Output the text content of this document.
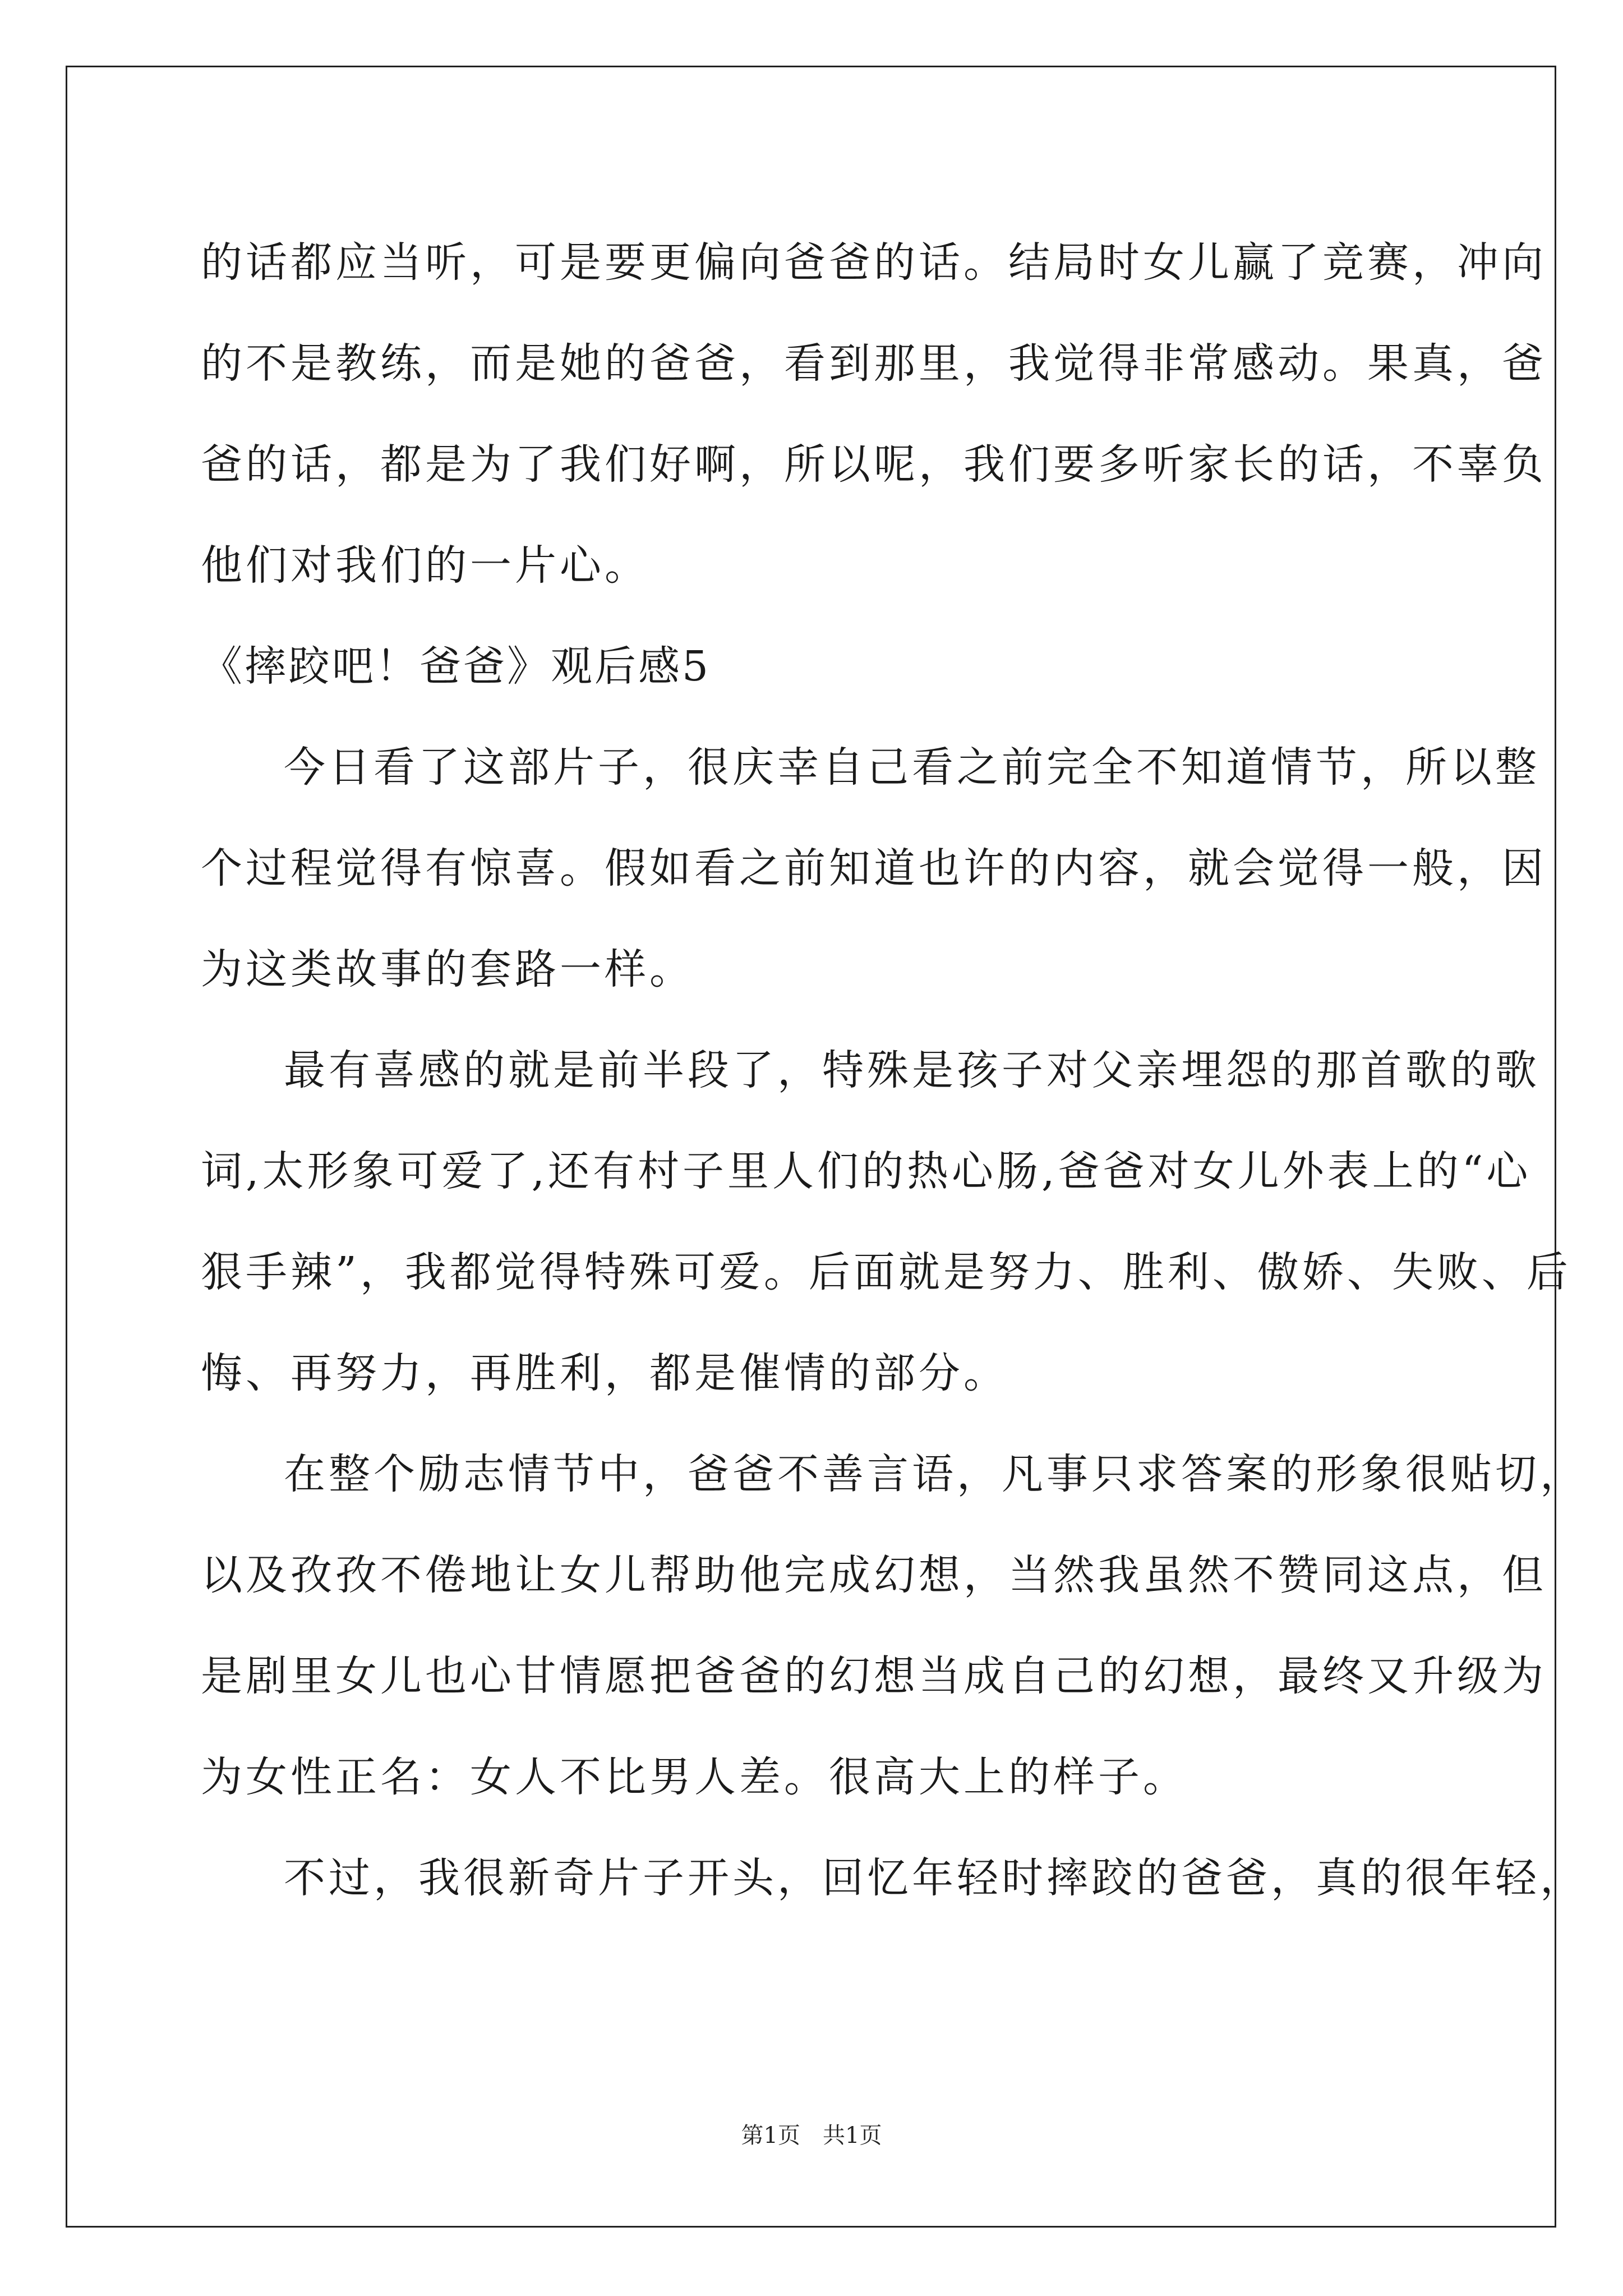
的话都应当听，可是要更偏向爸爸的话。结局时女儿赢了竞赛，冲向
的不是教练，而是她的爸爸，看到那里，我觉得非常感动。果真，爸
爸的话，都是为了我们好啊，所以呢，我们要多听家长的话，不辜负
他们对我们的一片心。
《摔跤吧！爸爸》观后感5
今日看了这部片子，很庆幸自己看之前完全不知道情节，所以整
个过程觉得有惊喜。假如看之前知道也许的内容，就会觉得一般，因
为这类故事的套路一样。
最有喜感的就是前半段了，特殊是孩子对父亲埋怨的那首歌的歌
词,太形象可爱了,还有村子里人们的热心肠,爸爸对女儿外表上的“心
狠手辣”，我都觉得特殊可爱。后面就是努力、胜利、傲娇、失败、后
悔、再努力，再胜利，都是催情的部分。
在整个励志情节中，爸爸不善言语，凡事只求答案的形象很贴切，
以及孜孜不倦地让女儿帮助他完成幻想，当然我虽然不赞同这点，但
是剧里女儿也心甘情愿把爸爸的幻想当成自己的幻想，最终又升级为
为女性正名：女人不比男人差。很高大上的样子。
不过，我很新奇片子开头，回忆年轻时摔跤的爸爸，真的很年轻，
第1页　共1页
